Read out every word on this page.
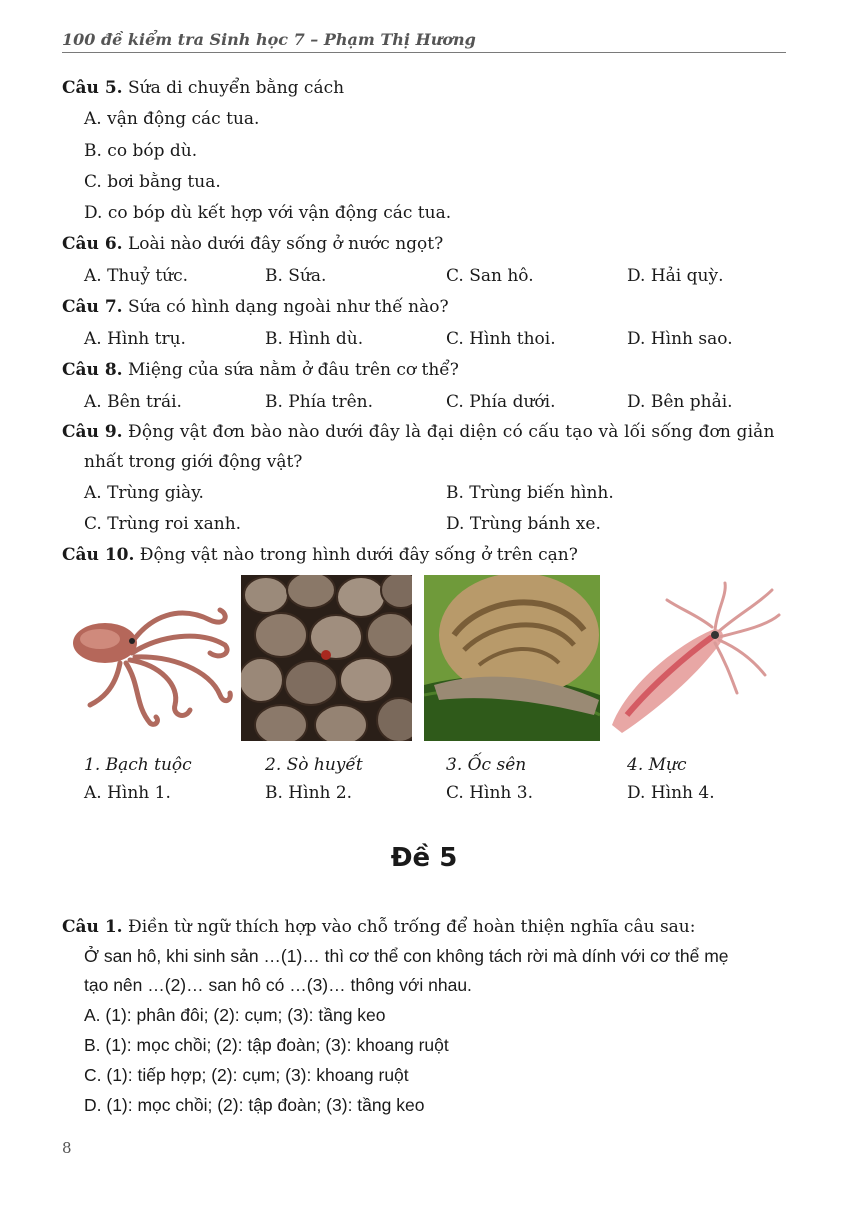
100 đề kiểm tra Sinh học 7 – Phạm Thị Hương
Câu 5. Sứa di chuyển bằng cách
A. vận động các tua.
B. co bóp dù.
C. bơi bằng tua.
D. co bóp dù kết hợp với vận động các tua.
Câu 6. Loài nào dưới đây sống ở nước ngọt?
A. Thuỷ tức.	B. Sứa.	C. San hô.	D. Hải quỳ.
Câu 7. Sứa có hình dạng ngoài như thế nào?
A. Hình trụ.	B. Hình dù.	C. Hình thoi.	D. Hình sao.
Câu 8. Miệng của sứa nằm ở đâu trên cơ thể?
A. Bên trái.	B. Phía trên.	C. Phía dưới.	D. Bên phải.
Câu 9. Động vật đơn bào nào dưới đây là đại diện có cấu tạo và lối sống đơn giản
nhất trong giới động vật?
A. Trùng giày.	B. Trùng biến hình.
C. Trùng roi xanh.	D. Trùng bánh xe.
Câu 10. Động vật nào trong hình dưới đây sống ở trên cạn?
1. Bạch tuộc	2. Sò huyết	3. Ốc sên	4. Mực
A. Hình 1.	B. Hình 2.	C. Hình 3.	D. Hình 4.
Đề 5
Câu 1. Điền từ ngữ thích hợp vào chỗ trống để hoàn thiện nghĩa câu sau:
Ở san hô, khi sinh sản …(1)… thì cơ thể con không tách rời mà dính với cơ thể mẹ
tạo nên …(2)… san hô có …(3)… thông với nhau.
A. (1): phân đôi; (2): cụm; (3): tầng keo
B. (1): mọc chồi; (2): tập đoàn; (3): khoang ruột
C. (1): tiếp hợp; (2): cụm; (3): khoang ruột
D. (1): mọc chồi; (2): tập đoàn; (3): tầng keo
8
